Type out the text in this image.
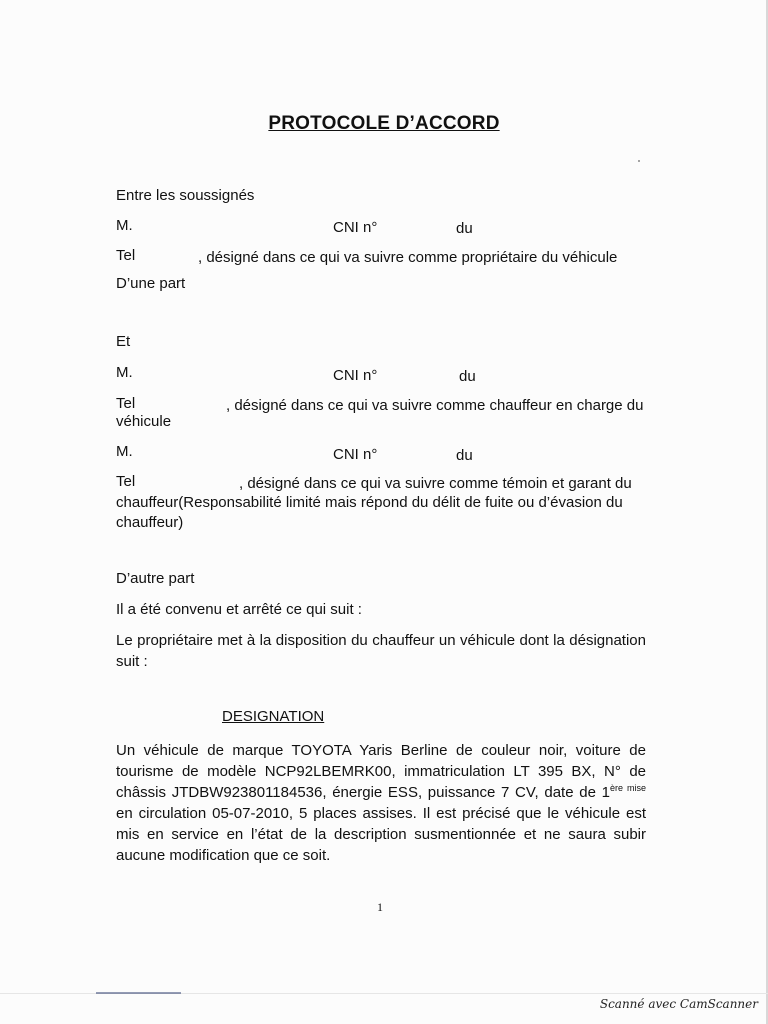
PROTOCOLE D’ACCORD
Entre les soussignés
M.	CNI n°	du
Tel	, désigné dans ce qui va suivre comme propriétaire du véhicule
D’une part
Et
M.	CNI n°	du
Tel	, désigné dans ce qui va suivre comme chauffeur en charge du
véhicule
M.	CNI n°	du
Tel	, désigné dans ce qui va suivre comme témoin et garant du
chauffeur(Responsabilité limité mais répond du délit de fuite ou d’évasion du
chauffeur)
D’autre part
Il a été convenu et arrêté ce qui suit :
Le propriétaire met à la disposition du chauffeur un véhicule dont la désignation suit :
DESIGNATION
Un véhicule de marque TOYOTA Yaris Berline de couleur noir, voiture de tourisme de modèle NCP92LBEMRK00, immatriculation LT 395 BX, N° de châssis JTDBW923801184536, énergie ESS, puissance 7 CV, date de $1^{ère mise}$ en circulation 05-07-2010, 5 places assises. Il est précisé que le véhicule est mis en service en l’état de la description susmentionnée et ne saura subir aucune modification que ce soit.
1
Scanné avec CamScanner
